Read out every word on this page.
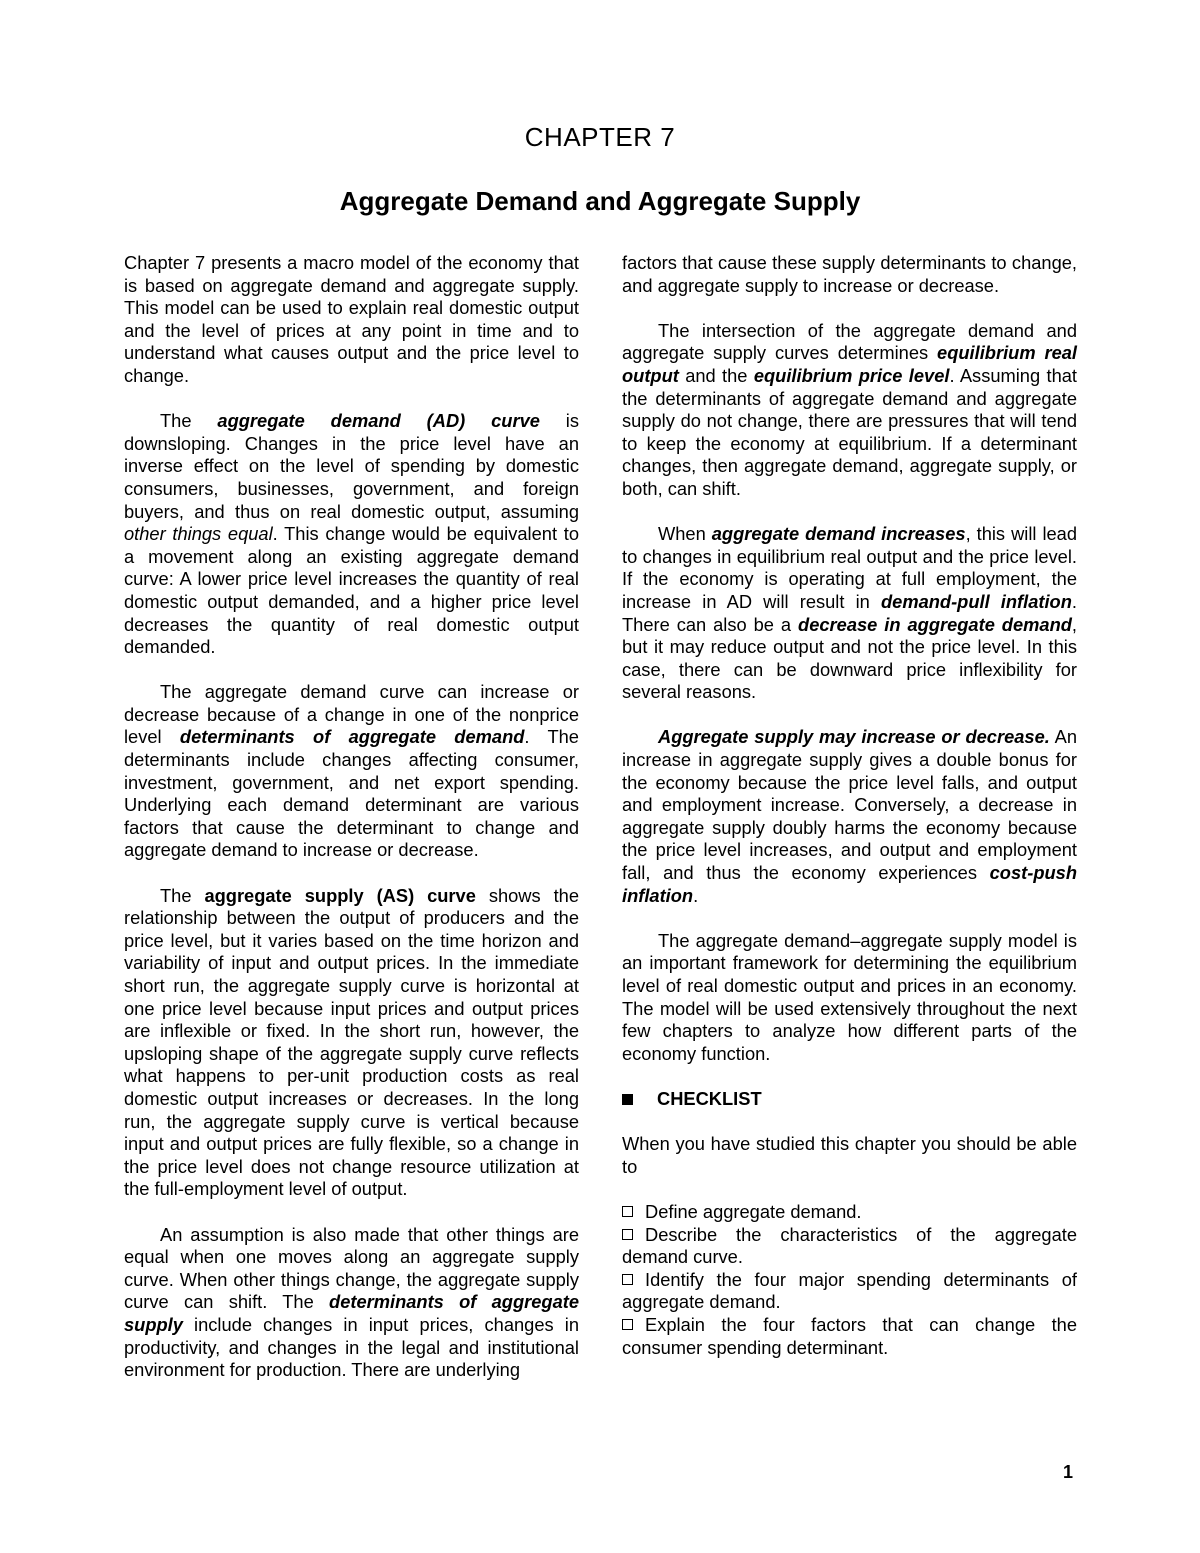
CHAPTER 7
Aggregate Demand and Aggregate Supply

Chapter 7 presents a macro model of the economy that is based on aggregate demand and aggregate supply. This model can be used to explain real domestic output and the level of prices at any point in time and to understand what causes output and the price level to change.

The aggregate demand (AD) curve is downsloping. Changes in the price level have an inverse effect on the level of spending by domestic consumers, businesses, government, and foreign buyers, and thus on real domestic output, assuming other things equal. This change would be equivalent to a movement along an existing aggregate demand curve: A lower price level increases the quantity of real domestic output demanded, and a higher price level decreases the quantity of real domestic output demanded.

The aggregate demand curve can increase or decrease because of a change in one of the nonprice level determinants of aggregate demand. The determinants include changes affecting consumer, investment, government, and net export spending. Underlying each demand determinant are various factors that cause the determinant to change and aggregate demand to increase or decrease.

The aggregate supply (AS) curve shows the relationship between the output of producers and the price level, but it varies based on the time horizon and variability of input and output prices. In the immediate short run, the aggregate supply curve is horizontal at one price level because input prices and output prices are inflexible or fixed. In the short run, however, the upsloping shape of the aggregate supply curve reflects what happens to per-unit production costs as real domestic output increases or decreases. In the long run, the aggregate supply curve is vertical because input and output prices are fully flexible, so a change in the price level does not change resource utilization at the full-employment level of output.

An assumption is also made that other things are equal when one moves along an aggregate supply curve. When other things change, the aggregate supply curve can shift. The determinants of aggregate supply include changes in input prices, changes in productivity, and changes in the legal and institutional environment for production. There are underlying

factors that cause these supply determinants to change, and aggregate supply to increase or decrease.

The intersection of the aggregate demand and aggregate supply curves determines equilibrium real output and the equilibrium price level. Assuming that the determinants of aggregate demand and aggregate supply do not change, there are pressures that will tend to keep the economy at equilibrium. If a determinant changes, then aggregate demand, aggregate supply, or both, can shift.

When aggregate demand increases, this will lead to changes in equilibrium real output and the price level. If the economy is operating at full employment, the increase in AD will result in demand-pull inflation. There can also be a decrease in aggregate demand, but it may reduce output and not the price level. In this case, there can be downward price inflexibility for several reasons.

Aggregate supply may increase or decrease. An increase in aggregate supply gives a double bonus for the economy because the price level falls, and output and employment increase. Conversely, a decrease in aggregate supply doubly harms the economy because the price level increases, and output and employment fall, and thus the economy experiences cost-push inflation.

The aggregate demand–aggregate supply model is an important framework for determining the equilibrium level of real domestic output and prices in an economy. The model will be used extensively throughout the next few chapters to analyze how different parts of the economy function.

CHECKLIST

When you have studied this chapter you should be able to

Define aggregate demand.
Describe the characteristics of the aggregate demand curve.
Identify the four major spending determinants of aggregate demand.
Explain the four factors that can change the consumer spending determinant.
1
